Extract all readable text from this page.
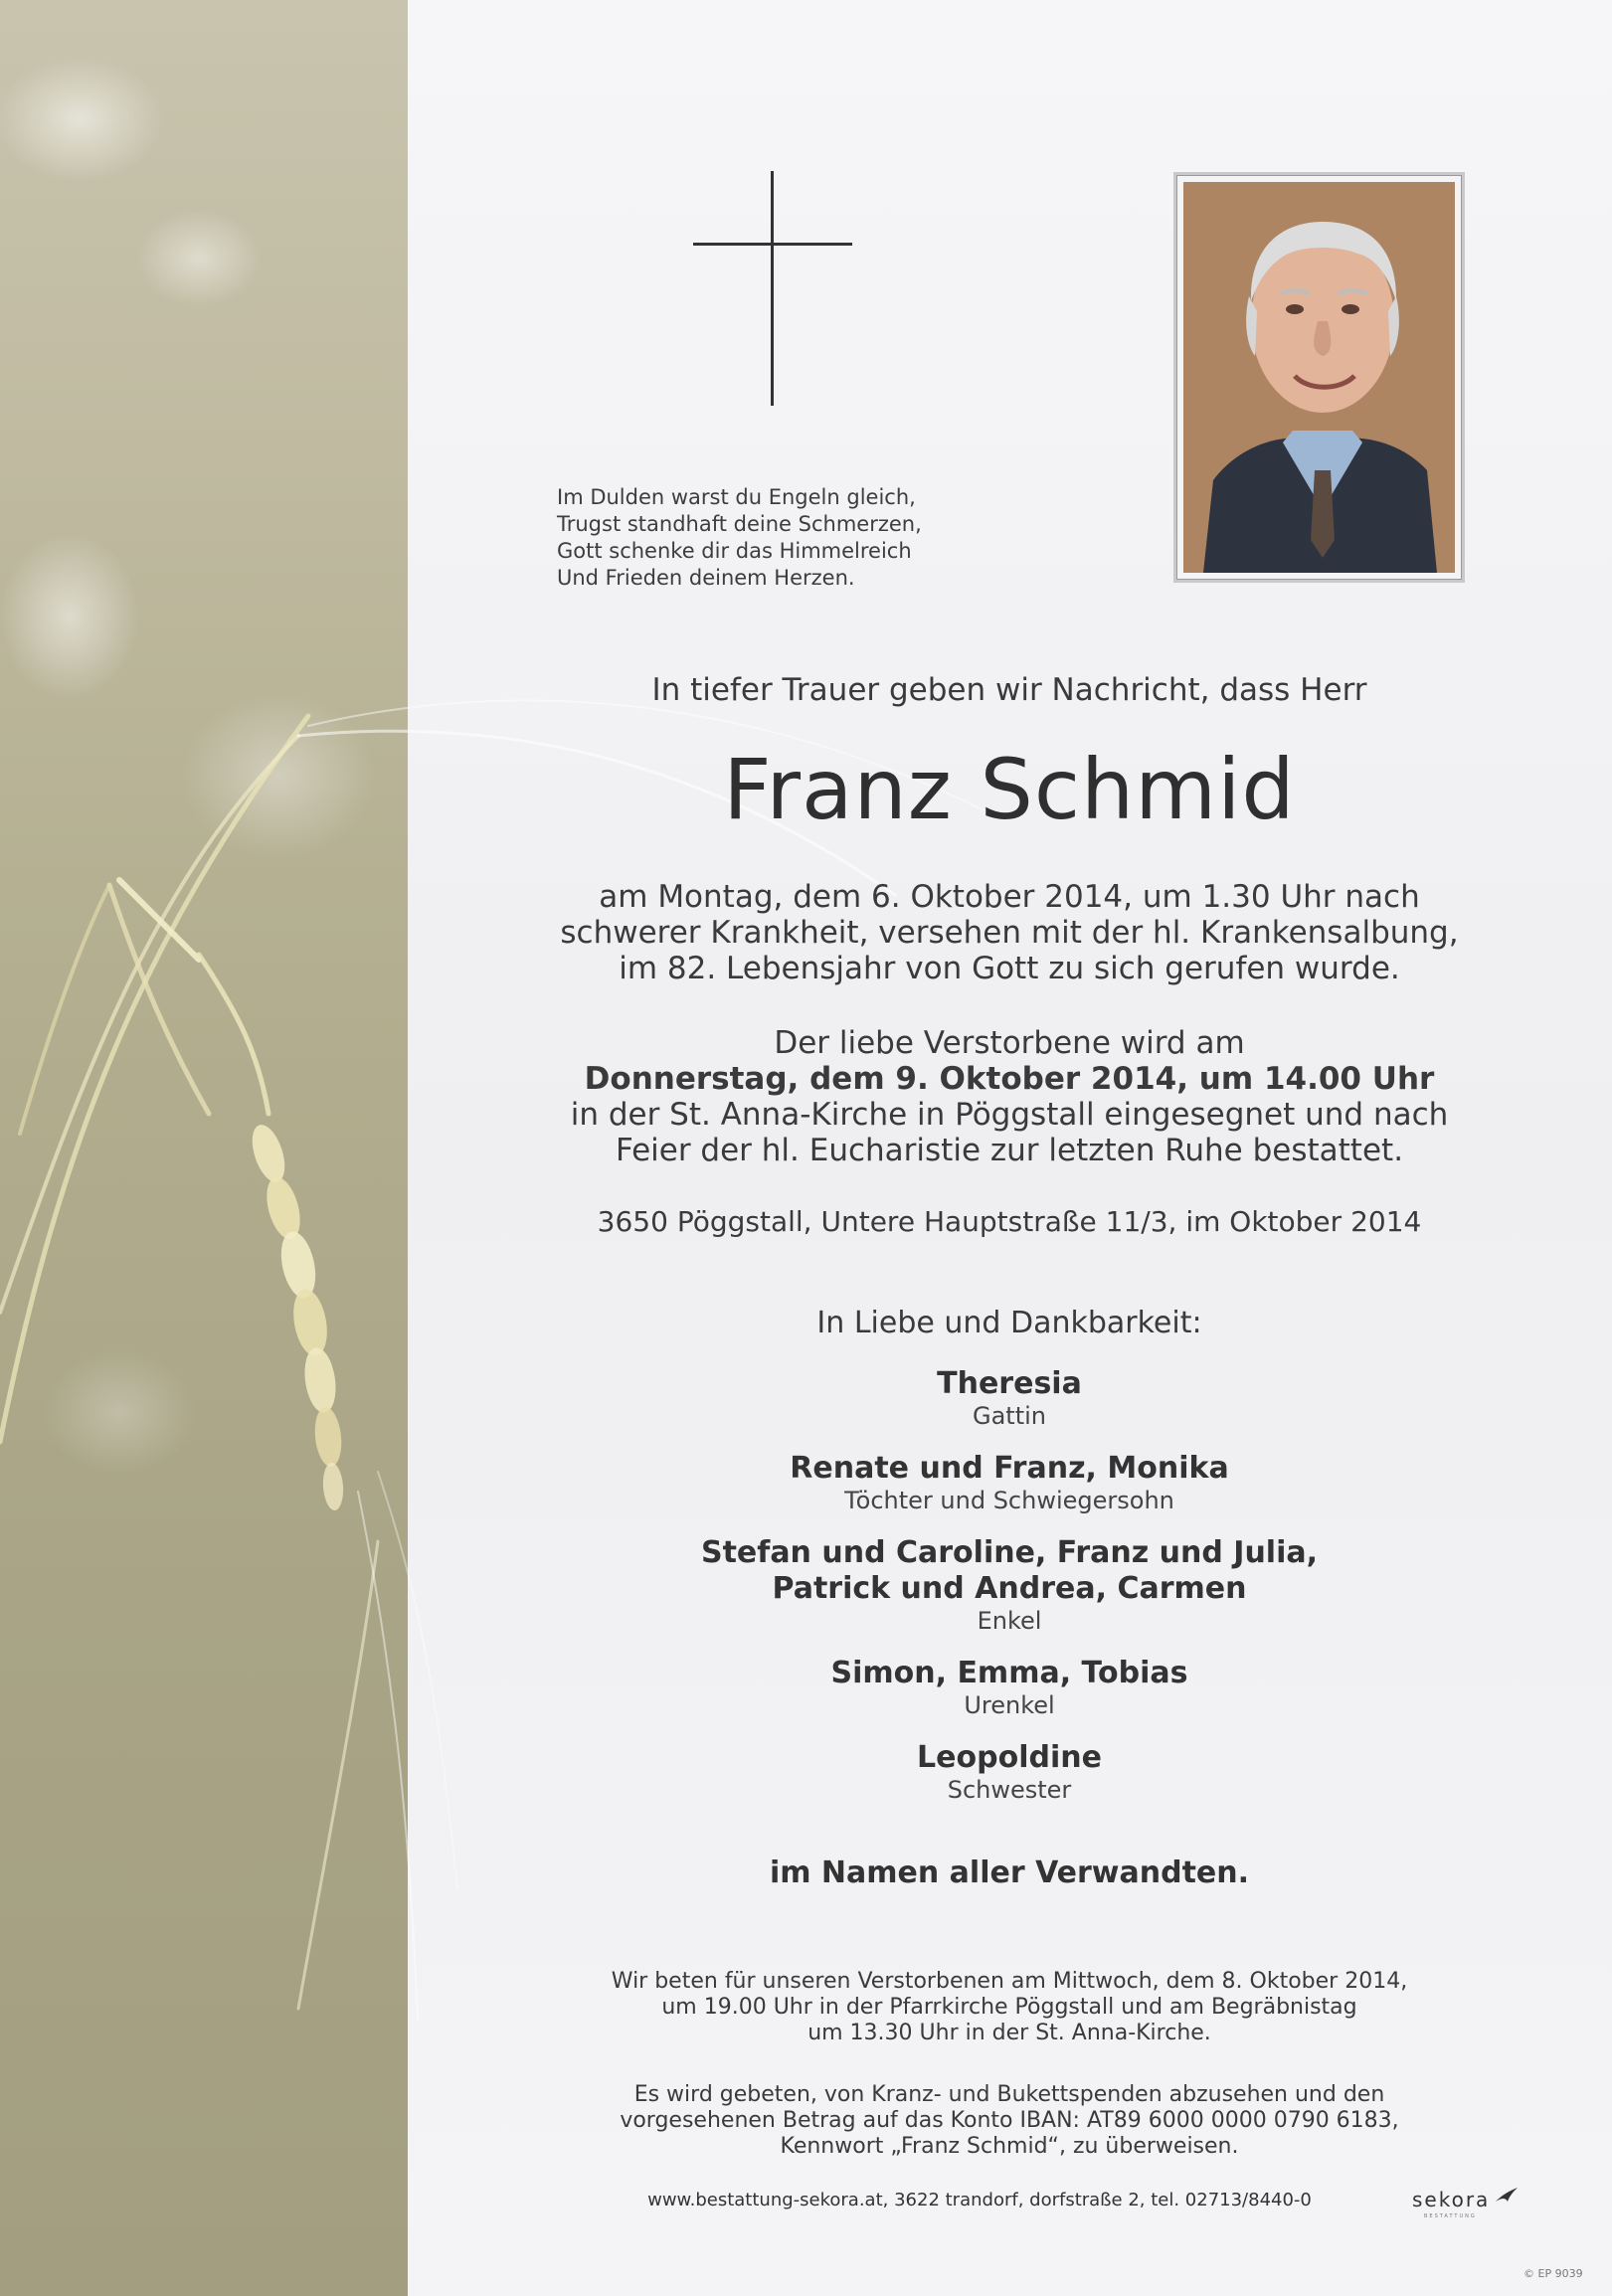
Im Dulden warst du Engeln gleich,
Trugst standhaft deine Schmerzen,
Gott schenke dir das Himmelreich
Und Frieden deinem Herzen.
In tiefer Trauer geben wir Nachricht, dass Herr
Franz Schmid
am Montag, dem 6. Oktober 2014, um 1.30 Uhr nach
schwerer Krankheit, versehen mit der hl. Krankensalbung,
im 82. Lebensjahr von Gott zu sich gerufen wurde.
Der liebe Verstorbene wird am
Donnerstag, dem 9. Oktober 2014, um 14.00 Uhr
in der St. Anna-Kirche in Pöggstall eingesegnet und nach
Feier der hl. Eucharistie zur letzten Ruhe bestattet.
3650 Pöggstall, Untere Hauptstraße 11/3, im Oktober 2014
In Liebe und Dankbarkeit:
Theresia
Gattin
Renate und Franz, Monika
Töchter und Schwiegersohn
Stefan und Caroline, Franz und Julia,
Patrick und Andrea, Carmen
Enkel
Simon, Emma, Tobias
Urenkel
Leopoldine
Schwester
im Namen aller Verwandten.
Wir beten für unseren Verstorbenen am Mittwoch, dem 8. Oktober 2014,
um 19.00 Uhr in der Pfarrkirche Pöggstall und am Begräbnistag
um 13.30 Uhr in der St. Anna-Kirche.
Es wird gebeten, von Kranz- und Bukettspenden abzusehen und den
vorgesehenen Betrag auf das Konto IBAN: AT89 6000 0000 0790 6183,
Kennwort „Franz Schmid“, zu überweisen.
www.bestattung-sekora.at, 3622 trandorf, dorfstraße 2, tel. 02713/8440-0	sekora
BESTATTUNG
© EP 9039
